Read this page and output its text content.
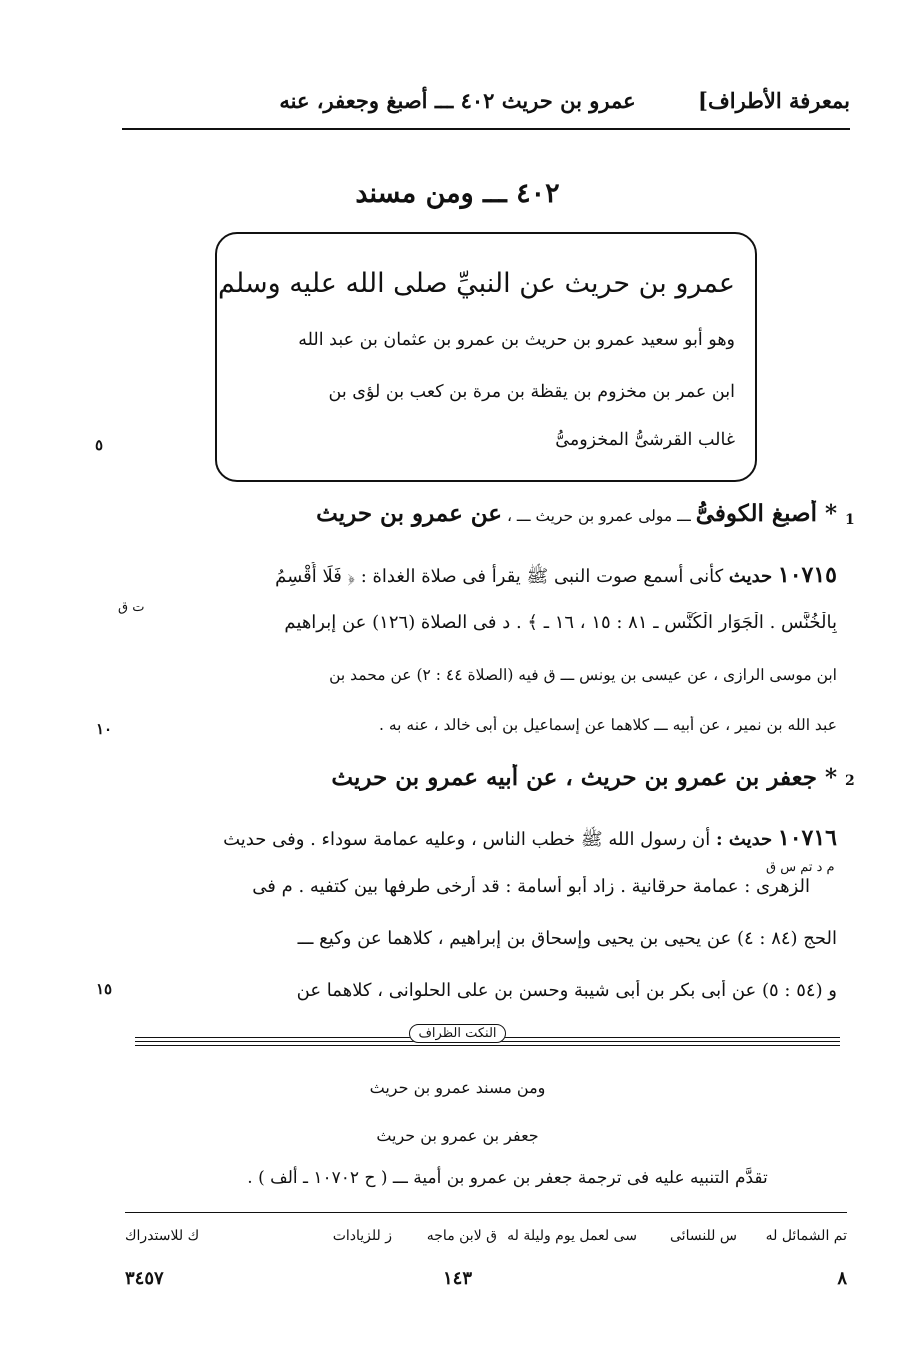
بمعرفة الأطراف]
عمرو بن حريث ٤٠٢ ـــ أصبغ وجعفر، عنه
٤٠٢ ـــ ومن مسند
عمرو بن حريث عن النبيِّ صلى الله عليه وسلم
وهو أبو سعيد عمرو بن حريث بن عمرو بن عثمان بن عبد الله
ابن عمر بن مخزوم بن يقظة بن مرة بن كعب بن لؤى بن
غالب القرشىُّ المخزومىُّ
٥
١٠
١٥
1
* أصبغ الكوفىُّ ـــ مولى عمرو بن حريث ـــ ، عن عمرو بن حريث
١٠٧١٥ حديث كأنى أسمع صوت النبى ﷺ يقرأ فى صلاة الغداة : ﴿ فَلَا أُقْسِمُ
ت ق
بِالْخُنَّسِ . الْجَوَارِ الْكُنَّسِ ـ ٨١ : ١٥ ، ١٦ ـ ﴾ . د فى الصلاة (١٢٦) عن إبراهيم
ابن موسى الرازى ، عن عيسى بن يونس ـــ ق فيه (الصلاة ٤٤ : ٢) عن محمد بن
عبد الله بن نمير ، عن أبيه ـــ كلاهما عن إسماعيل بن أبى خالد ، عنه به .
2
* جعفر بن عمرو بن حريث ، عن أبيه عمرو بن حريث
١٠٧١٦ حديث : أن رسول الله ﷺ خطب الناس ، وعليه عمامة سوداء . وفى حديث
م د تم س ق
الزهرى : عمامة حرقانية . زاد أبو أسامة : قد أرخى طرفها بين كتفيه . م فى
الحج (٨٤ : ٤) عن يحيى بن يحيى وإسحاق بن إبراهيم ، كلاهما عن وكيع ـــ
و (٥٤ : ٥) عن أبى بكر بن أبى شيبة وحسن بن على الحلوانى ، كلاهما عن
النكت الظراف
ومن مسند عمرو بن حريث
جعفر بن عمرو بن حريث
تقدَّم التنبيه عليه فى ترجمة جعفر بن عمرو بن أمية ـــ ( ح ١٠٧٠٢ ـ ألف ) .
تم الشمائل له
س للنسائى
سى لعمل يوم وليلة له
ق لابن ماجه
ز للزيادات
ك للاستدراك
٨
١٤٣
٣٤٥٧
